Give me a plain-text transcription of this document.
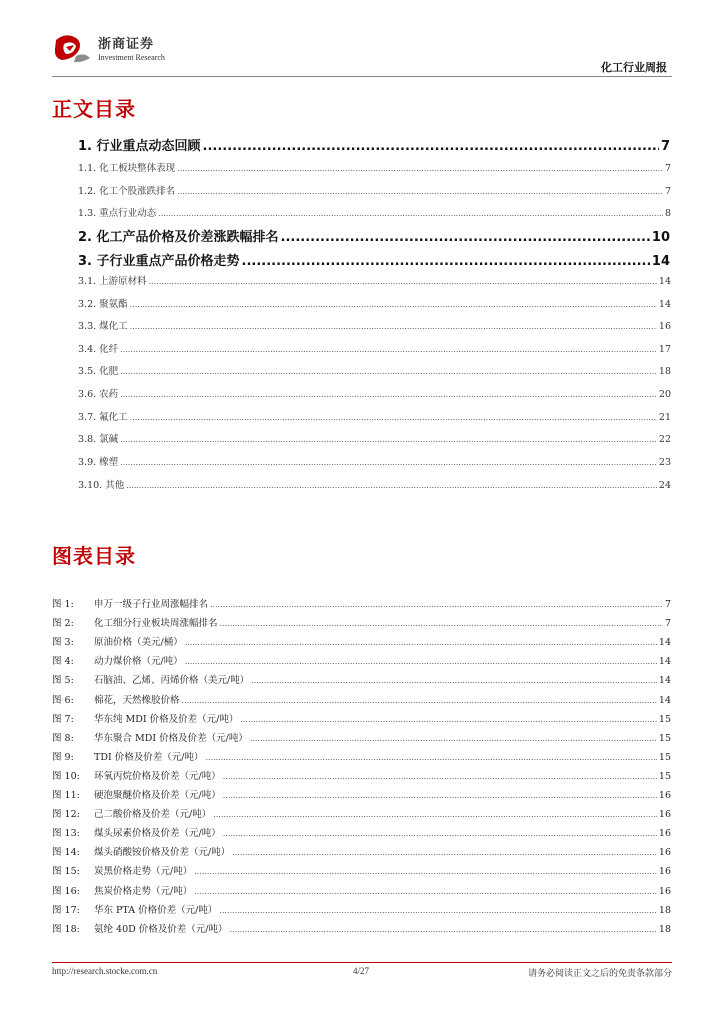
浙商证券
Investment Research
化工行业周报
正文目录
1. 行业重点动态回顾 .....	7
1.1. 化工板块整体表现 .....	7
1.2. 化工个股涨跌排名 .....	7
1.3. 重点行业动态 .....	8
2. 化工产品价格及价差涨跌幅排名 .....	10
3. 子行业重点产品价格走势 .....	14
3.1. 上游原材料 .....	14
3.2. 聚氨酯 .....	14
3.3. 煤化工 .....	16
3.4. 化纤 .....	17
3.5. 化肥 .....	18
3.6. 农药 .....	20
3.7. 氟化工 .....	21
3.8. 氯碱 .....	22
3.9. 橡塑 .....	23
3.10. 其他 .....	24
图表目录
图 1:	申万一级子行业周涨幅排名 .....	7
图 2:	化工细分行业板块周涨幅排名 .....	7
图 3:	原油价格（美元/桶） .....	14
图 4:	动力煤价格（元/吨） .....	14
图 5:	石脑油、乙烯、丙烯价格（美元/吨） .....	14
图 6:	棉花，天然橡胶价格 .....	14
图 7:	华东纯 MDI 价格及价差（元/吨） .....	15
图 8:	华东聚合 MDI 价格及价差（元/吨） .....	15
图 9:	TDI 价格及价差（元/吨） .....	15
图 10:	环氧丙烷价格及价差（元/吨） .....	15
图 11:	硬泡聚醚价格及价差（元/吨） .....	16
图 12:	己二酸价格及价差（元/吨） .....	16
图 13:	煤头尿素价格及价差（元/吨） .....	16
图 14:	煤头硝酸铵价格及价差（元/吨） .....	16
图 15:	炭黑价格走势（元/吨） .....	16
图 16:	焦炭价格走势（元/吨） .....	16
图 17:	华东 PTA 价格价差（元/吨） .....	18
图 18:	氨纶 40D 价格及价差（元/吨） .....	18
http://research.stocke.com.cn	4/27	请务必阅读正文之后的免责条款部分
